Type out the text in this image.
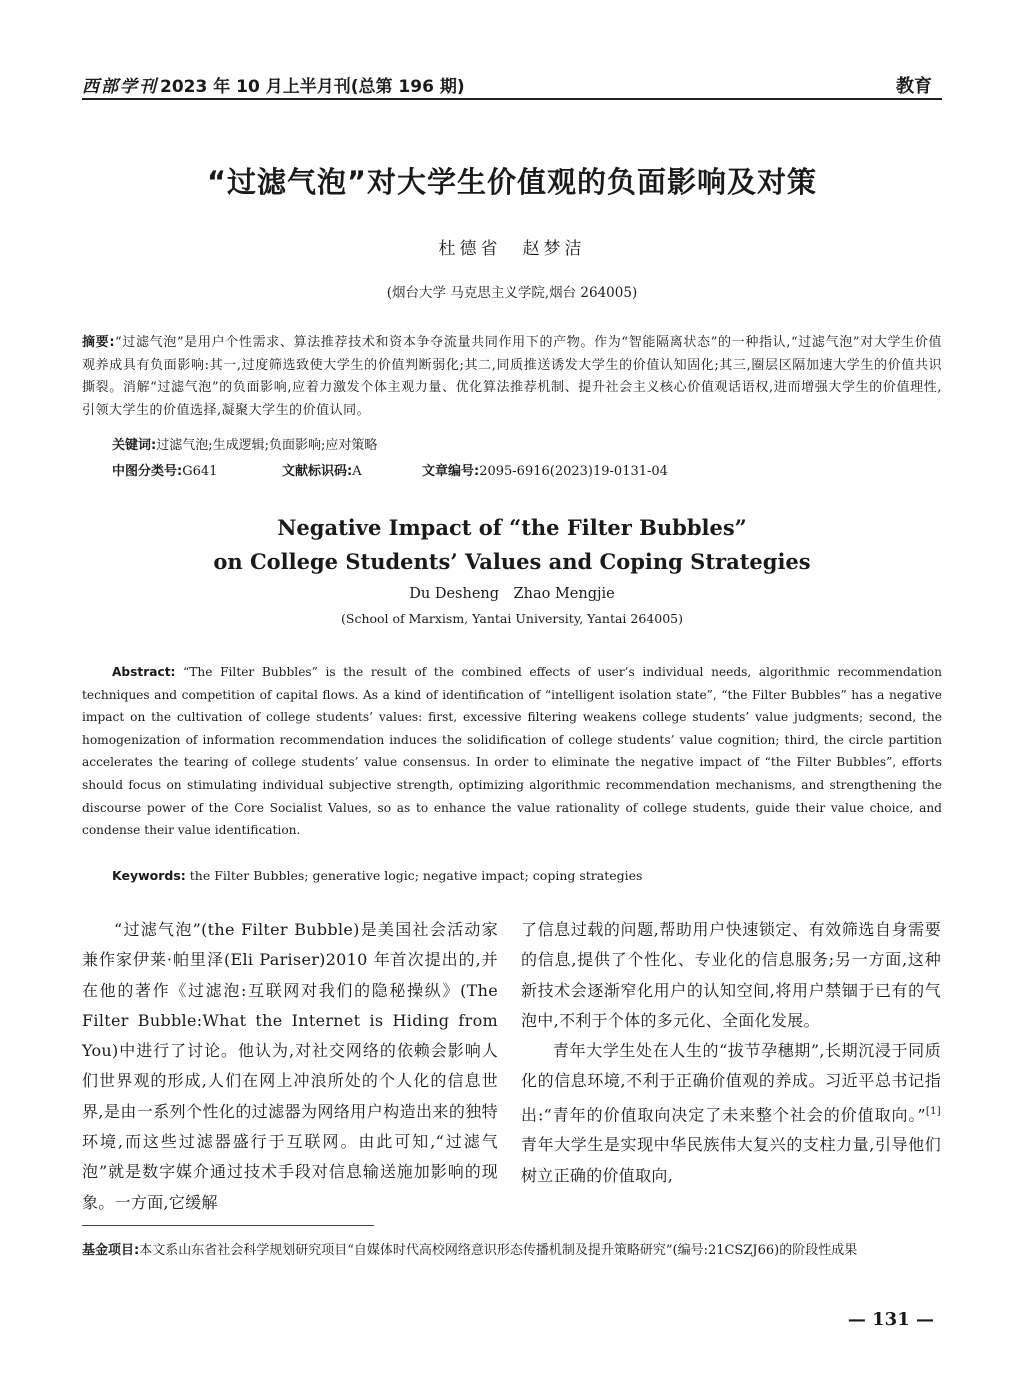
西部学刊 2023 年 10 月上半月刊(总第 196 期)	教育
“过滤气泡”对大学生价值观的负面影响及对策
杜德省　赵梦洁
(烟台大学 马克思主义学院,烟台 264005)
摘要:“过滤气泡”是用户个性需求、算法推荐技术和资本争夺流量共同作用下的产物。作为“智能隔离状态”的一种指认,“过滤气泡”对大学生价值观养成具有负面影响:其一,过度筛选致使大学生的价值判断弱化;其二,同质推送诱发大学生的价值认知固化;其三,圈层区隔加速大学生的价值共识撕裂。消解“过滤气泡”的负面影响,应着力激发个体主观力量、优化算法推荐机制、提升社会主义核心价值观话语权,进而增强大学生的价值理性,引领大学生的价值选择,凝聚大学生的价值认同。
关键词:过滤气泡;生成逻辑;负面影响;应对策略
中图分类号:G641	文献标识码:A	文章编号:2095-6916(2023)19-0131-04
Negative Impact of “the Filter Bubbles”
on College Students’ Values and Coping Strategies
Du Desheng　Zhao Mengjie
(School of Marxism, Yantai University, Yantai 264005)
Abstract: “The Filter Bubbles” is the result of the combined effects of user’s individual needs, algorithmic recommendation techniques and competition of capital flows. As a kind of identification of “intelligent isolation state”, “the Filter Bubbles” has a negative impact on the cultivation of college students’ values: first, excessive filtering weakens college students’ value judgments; second, the homogenization of information recommendation induces the solidification of college students’ value cognition; third, the circle partition accelerates the tearing of college students’ value consensus. In order to eliminate the negative impact of “the Filter Bubbles”, efforts should focus on stimulating individual subjective strength, optimizing algorithmic recommendation mechanisms, and strengthening the discourse power of the Core Socialist Values, so as to enhance the value rationality of college students, guide their value choice, and condense their value identification.
Keywords: the Filter Bubbles; generative logic; negative impact; coping strategies

“过滤气泡”(the Filter Bubble)是美国社会活动家兼作家伊莱·帕里泽(Eli Pariser)2010 年首次提出的,并在他的著作《过滤泡:互联网对我们的隐秘操纵》(The Filter Bubble:What the Internet is Hiding from You)中进行了讨论。他认为,对社交网络的依赖会影响人们世界观的形成,人们在网上冲浪所处的个人化的信息世界,是由一系列个性化的过滤器为网络用户构造出来的独特环境,而这些过滤器盛行于互联网。由此可知,“过滤气泡”就是数字媒介通过技术手段对信息输送施加影响的现象。一方面,它缓解

了信息过载的问题,帮助用户快速锁定、有效筛选自身需要的信息,提供了个性化、专业化的信息服务;另一方面,这种新技术会逐渐窄化用户的认知空间,将用户禁锢于已有的气泡中,不利于个体的多元化、全面化发展。

青年大学生处在人生的“拔节孕穗期”,长期沉浸于同质化的信息环境,不利于正确价值观的养成。习近平总书记指出:“青年的价值取向决定了未来整个社会的价值取向。”[1]青年大学生是实现中华民族伟大复兴的支柱力量,引导他们树立正确的价值取向,

基金项目:本文系山东省社会科学规划研究项目“自媒体时代高校网络意识形态传播机制及提升策略研究”(编号:21CSZJ66)的阶段性成果
— 131 —
